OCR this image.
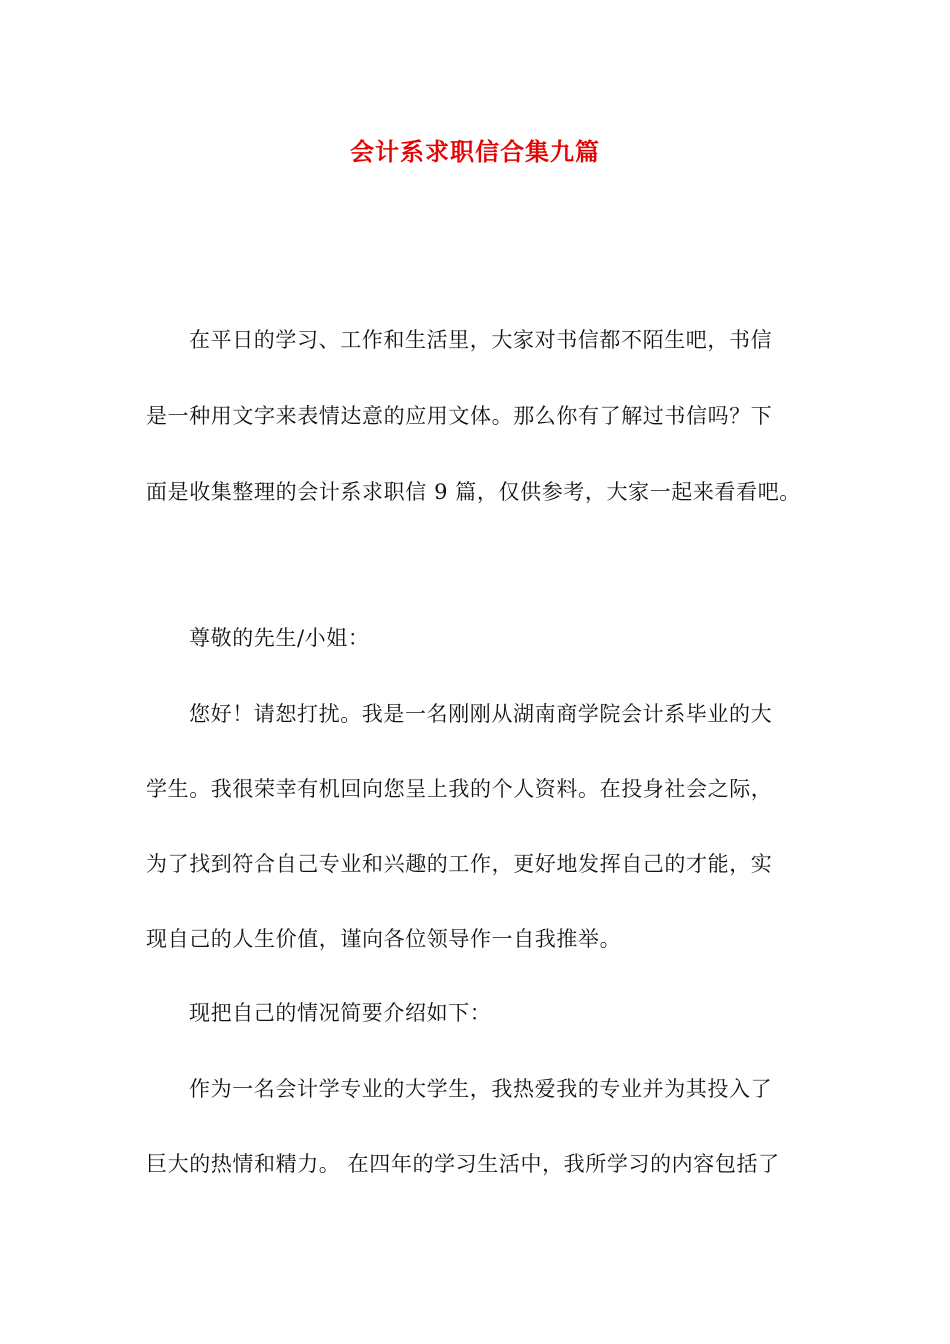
会计系求职信合集九篇
在平日的学习、工作和生活里，大家对书信都不陌生吧，书信
是一种用文字来表情达意的应用文体。那么你有了解过书信吗？下
面是收集整理的会计系求职信 9 篇，仅供参考，大家一起来看看吧。
尊敬的先生/小姐：
您好！请恕打扰。我是一名刚刚从湖南商学院会计系毕业的大
学生。我很荣幸有机回向您呈上我的个人资料。在投身社会之际，
为了找到符合自己专业和兴趣的工作，更好地发挥自己的才能，实
现自己的人生价值，谨向各位领导作一自我推举。
现把自己的情况简要介绍如下：
作为一名会计学专业的大学生，我热爱我的专业并为其投入了
巨大的热情和精力。 在四年的学习生活中，我所学习的内容包括了
